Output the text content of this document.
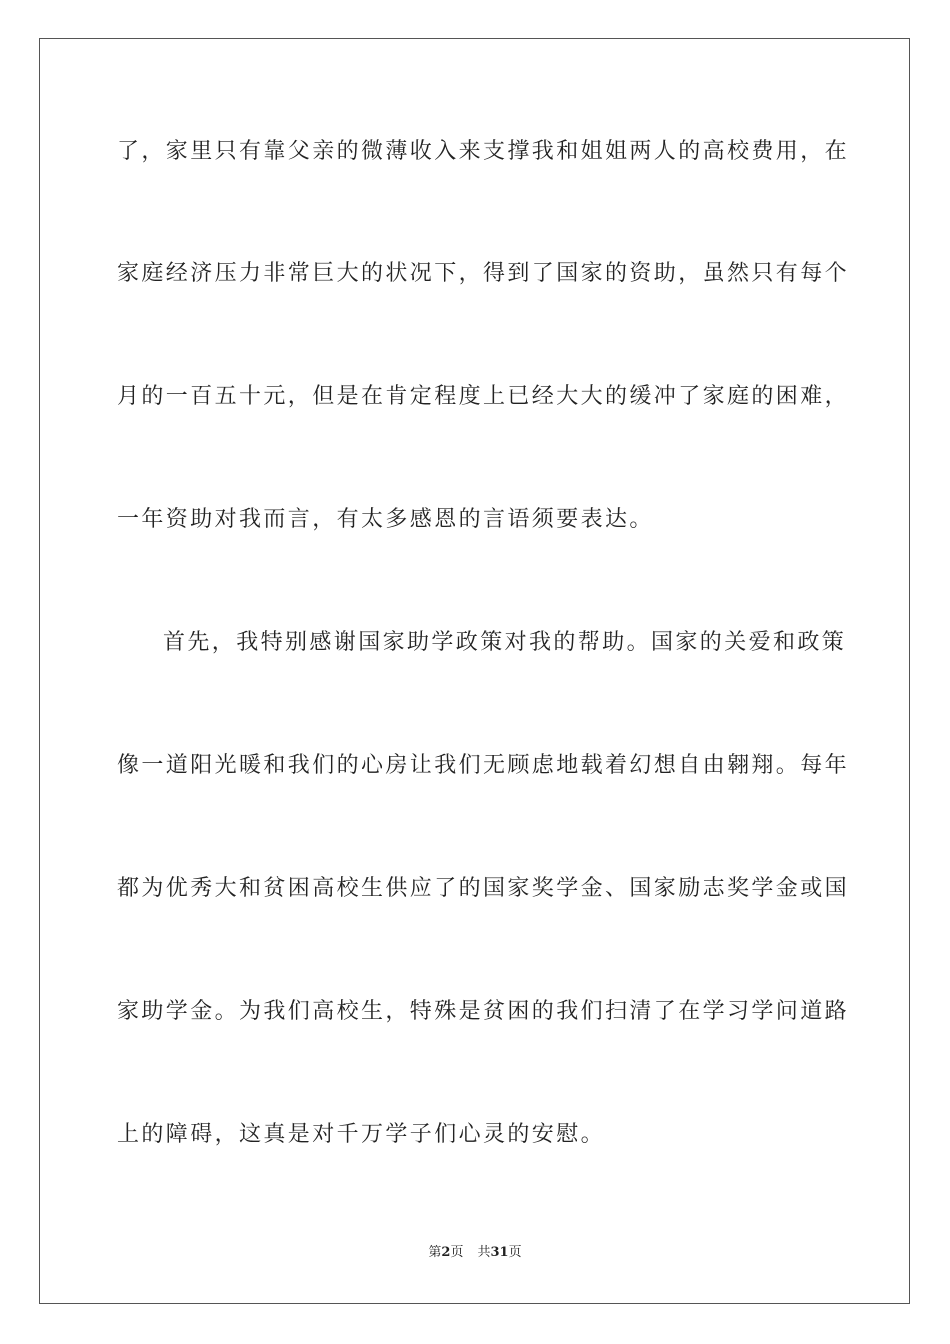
了，家里只有靠父亲的微薄收入来支撑我和姐姐两人的高校费用，在
家庭经济压力非常巨大的状况下，得到了国家的资助，虽然只有每个
月的一百五十元，但是在肯定程度上已经大大的缓冲了家庭的困难，
一年资助对我而言，有太多感恩的言语须要表达。
首先，我特别感谢国家助学政策对我的帮助。国家的关爱和政策
像一道阳光暖和我们的心房让我们无顾虑地载着幻想自由翱翔。每年
都为优秀大和贫困高校生供应了的国家奖学金、国家励志奖学金或国
家助学金。为我们高校生，特殊是贫困的我们扫清了在学习学问道路
上的障碍，这真是对千万学子们心灵的安慰。
第2页 共31页
